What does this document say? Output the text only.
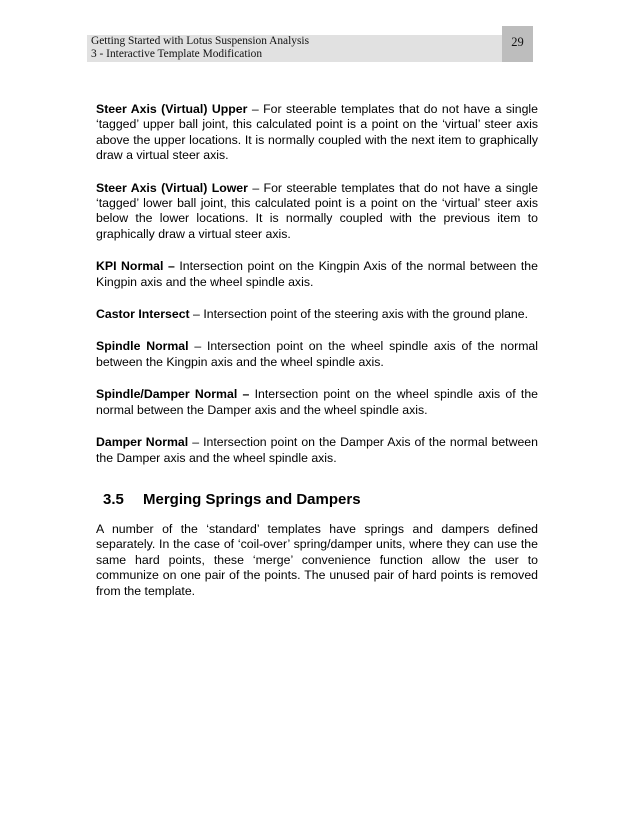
Getting Started with Lotus Suspension Analysis
3 - Interactive Template Modification
29

Steer Axis (Virtual) Upper – For steerable templates that do not have a single ‘tagged’ upper ball joint, this calculated point is a point on the ‘virtual’ steer axis above the upper locations. It is normally coupled with the next item to graphically draw a virtual steer axis.

Steer Axis (Virtual) Lower – For steerable templates that do not have a single ‘tagged’ lower ball joint, this calculated point is a point on the ‘virtual’ steer axis below the lower locations. It is normally coupled with the previous item to graphically draw a virtual steer axis.

KPI Normal – Intersection point on the Kingpin Axis of the normal between the Kingpin axis and the wheel spindle axis.

Castor Intersect – Intersection point of the steering axis with the ground plane.

Spindle Normal – Intersection point on the wheel spindle axis of the normal between the Kingpin axis and the wheel spindle axis.

Spindle/Damper Normal – Intersection point on the wheel spindle axis of the normal between the Damper axis and the wheel spindle axis.

Damper Normal – Intersection point on the Damper Axis of the normal between the Damper axis and the wheel spindle axis.

3.5 Merging Springs and Dampers

A number of the ‘standard’ templates have springs and dampers defined separately. In the case of ‘coil-over’ spring/damper units, where they can use the same hard points, these ‘merge’ convenience function allow the user to communize on one pair of the points. The unused pair of hard points is removed from the template.
